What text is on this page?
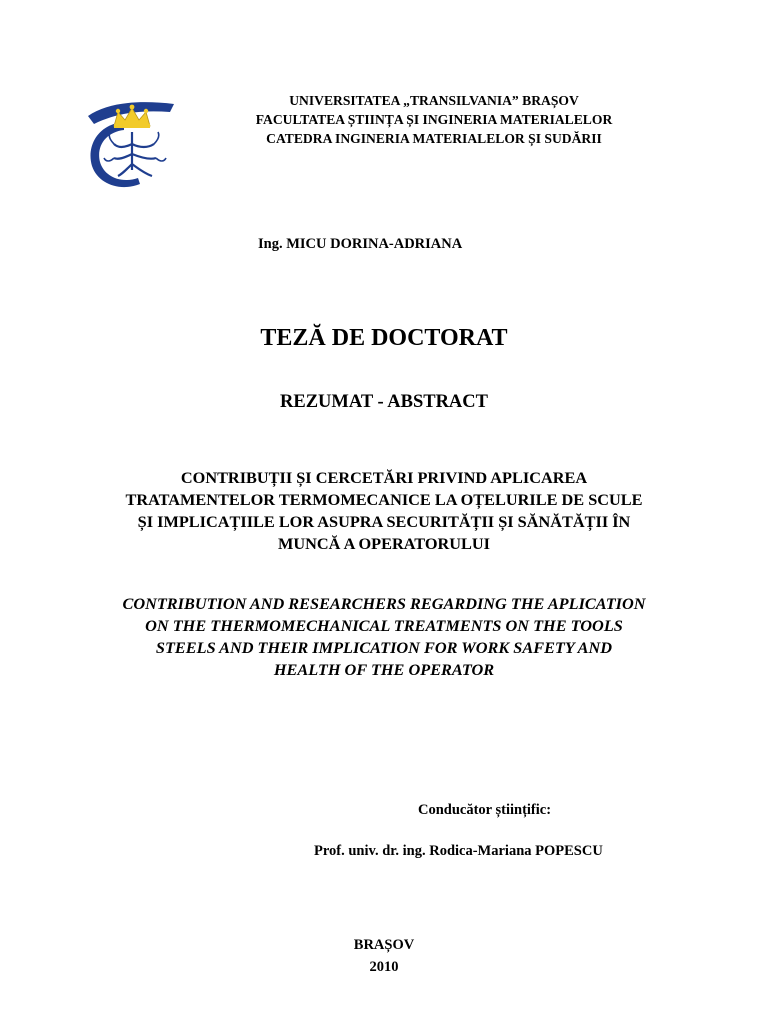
UNIVERSITATEA „TRANSILVANIA” BRAȘOV
FACULTATEA ȘTIINȚA ȘI INGINERIA MATERIALELOR
CATEDRA INGINERIA MATERIALELOR ȘI SUDĂRII
Ing. MICU DORINA-ADRIANA
TEZĂ DE DOCTORAT
REZUMAT - ABSTRACT
CONTRIBUȚII ȘI CERCETĂRI PRIVIND APLICAREA
TRATAMENTELOR TERMOMECANICE LA OȚELURILE DE SCULE
ȘI IMPLICAȚIILE LOR ASUPRA SECURITĂȚII ȘI SĂNĂTĂȚII ÎN
MUNCĂ A OPERATORULUI
CONTRIBUTION AND RESEARCHERS REGARDING THE APLICATION
ON THE THERMOMECHANICAL TREATMENTS ON THE TOOLS
STEELS AND THEIR IMPLICATION FOR WORK SAFETY AND
HEALTH OF THE OPERATOR
Conducător științific:
Prof. univ. dr. ing. Rodica-Mariana POPESCU
BRAȘOV
2010
